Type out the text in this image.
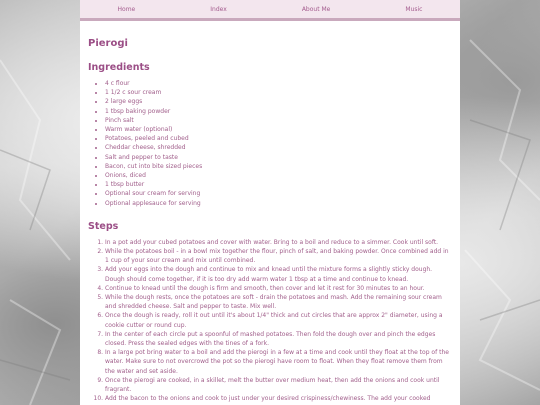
Home	Index	About Me	Music
Pierogi
Ingredients
• 4 c flour
• 1 1/2 c sour cream
• 2 large eggs
• 1 tbsp baking powder
• Pinch salt
• Warm water (optional)
• Potatoes, peeled and cubed
• Cheddar cheese, shredded
• Salt and pepper to taste
• Bacon, cut into bite sized pieces
• Onions, diced
• 1 tbsp butter
• Optional sour cream for serving
• Optional applesauce for serving
Steps
1. In a pot add your cubed potatoes and cover with water. Bring to a boil and reduce to a simmer. Cook until soft.
2. While the potatoes boil - in a bowl mix together the flour, pinch of salt, and baking powder. Once combined add in 1 cup of your sour cream and mix until combined.
3. Add your eggs into the dough and continue to mix and knead until the mixture forms a slightly sticky dough. Dough should come together, if it is too dry add warm water 1 tbsp at a time and continue to knead.
4. Continue to knead until the dough is firm and smooth, then cover and let it rest for 30 minutes to an hour.
5. While the dough rests, once the potatoes are soft - drain the potatoes and mash. Add the remaining sour cream and shredded cheese. Salt and pepper to taste. Mix well.
6. Once the dough is ready, roll it out until it's about 1/4" thick and cut circles that are approx 2" diameter, using a cookie cutter or round cup.
7. In the center of each circle put a spoonful of mashed potatoes. Then fold the dough over and pinch the edges closed. Press the sealed edges with the tines of a fork.
8. In a large pot bring water to a boil and add the pierogi in a few at a time and cook until they float at the top of the water. Make sure to not overcrowd the pot so the pierogi have room to float. When they float remove them from the water and set aside.
9. Once the pierogi are cooked, in a skillet, melt the butter over medium heat, then add the onions and cook until fragrant.
10. Add the bacon to the onions and cook to just under your desired crispiness/chewiness. The add your cooked
